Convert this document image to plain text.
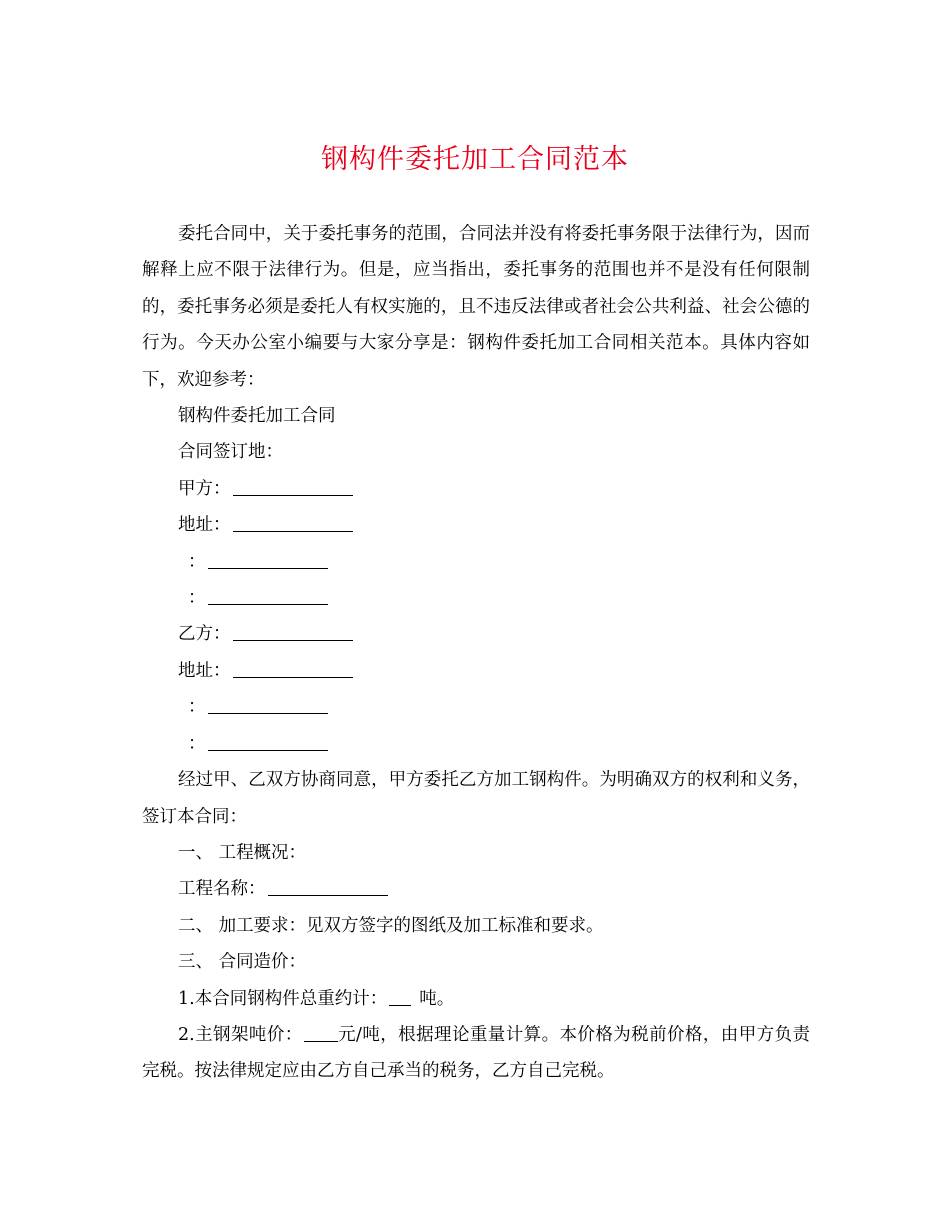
钢构件委托加工合同范本

委托合同中，关于委托事务的范围，合同法并没有将委托事务限于法律行为，因而解释上应不限于法律行为。但是，应当指出，委托事务的范围也并不是没有任何限制的，委托事务必须是委托人有权实施的，且不违反法律或者社会公共利益、社会公德的行为。今天办公室小编要与大家分享是：钢构件委托加工合同相关范本。具体内容如下，欢迎参考：

钢构件委托加工合同

合同签订地：

甲方：

地址：

：

：

乙方：

地址：

：

：

经过甲、乙双方协商同意，甲方委托乙方加工钢构件。为明确双方的权利和义务，签订本合同：

一、 工程概况：

工程名称：

二、 加工要求：见双方签字的图纸及加工标准和要求。

三、 合同造价：

1.本合同钢构件总重约计： 吨。

2.主钢架吨价： 元/吨，根据理论重量计算。本价格为税前价格，由甲方负责完税。按法律规定应由乙方自己承当的税务，乙方自己完税。
